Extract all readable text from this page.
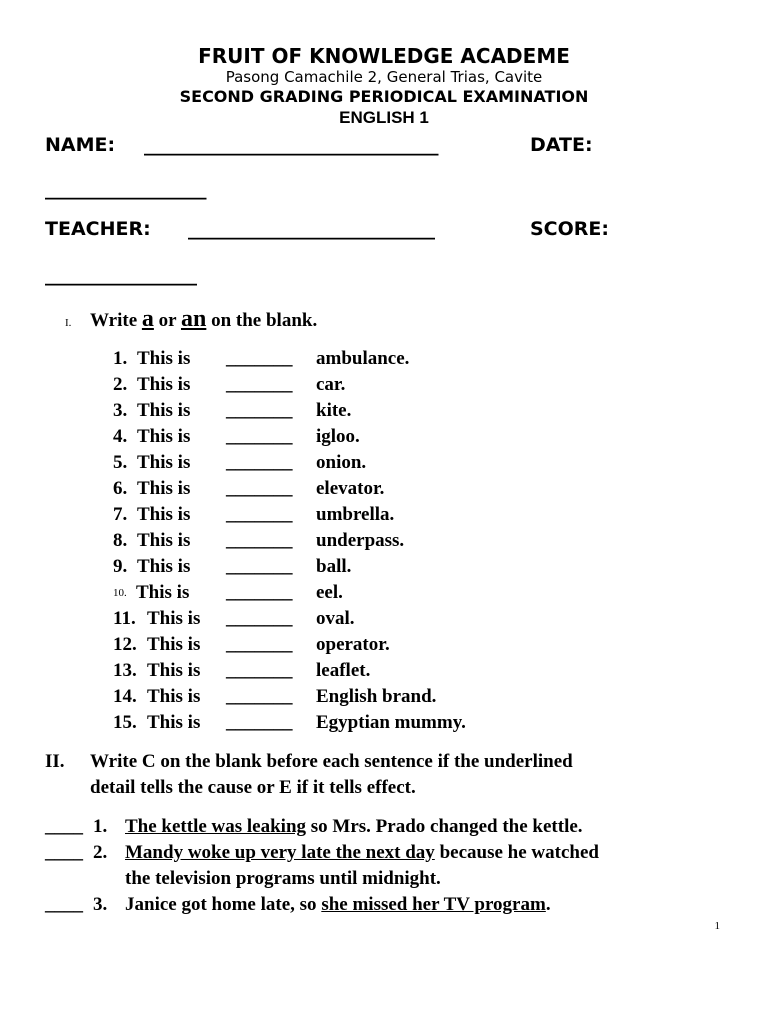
FRUIT OF KNOWLEDGE ACADEME
Pasong Camachile 2, General Trias, Cavite
SECOND GRADING PERIODICAL EXAMINATION
ENGLISH 1
NAME: _______________________________	DATE:
_________________
TEACHER: __________________________	SCORE:
________________
I. Write a or an on the blank.
1. This is _______ ambulance.
2. This is _______ car.
3. This is _______ kite.
4. This is _______ igloo.
5. This is _______ onion.
6. This is _______ elevator.
7. This is _______ umbrella.
8. This is _______ underpass.
9. This is _______ ball.
10. This is _______ eel.
11. This is _______ oval.
12. This is _______ operator.
13. This is _______ leaflet.
14. This is _______ English brand.
15. This is _______ Egyptian mummy.
II. Write C on the blank before each sentence if the underlined
detail tells the cause or E if it tells effect.
____ 1. The kettle was leaking so Mrs. Prado changed the kettle.
____ 2. Mandy woke up very late the next day because he watched
the television programs until midnight.
____ 3. Janice got home late, so she missed her TV program.
1
